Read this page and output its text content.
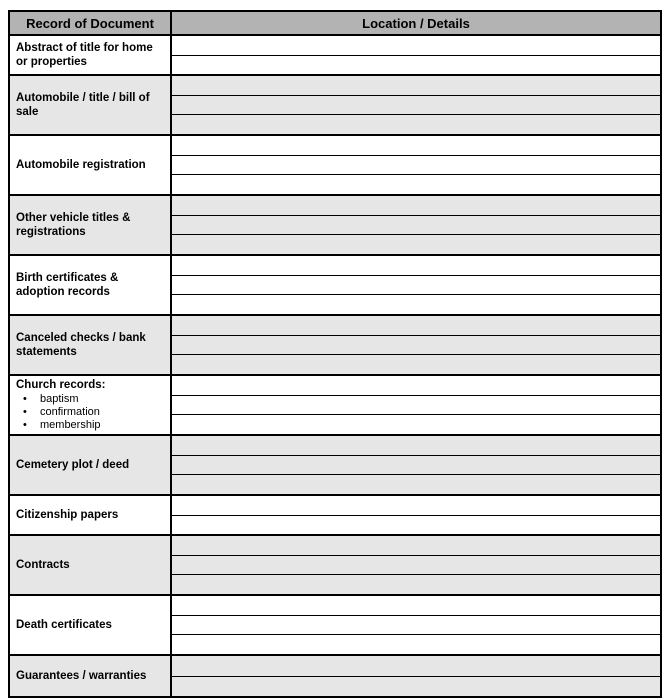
Record of Document	Location / Details
Abstract of title for home or properties
Automobile / title / bill of sale
Automobile registration
Other vehicle titles & registrations
Birth certificates & adoption records
Canceled checks / bank statements
Church records:
•	baptism
•	confirmation
•	membership
Cemetery plot / deed
Citizenship papers
Contracts
Death certificates
Guarantees / warranties
